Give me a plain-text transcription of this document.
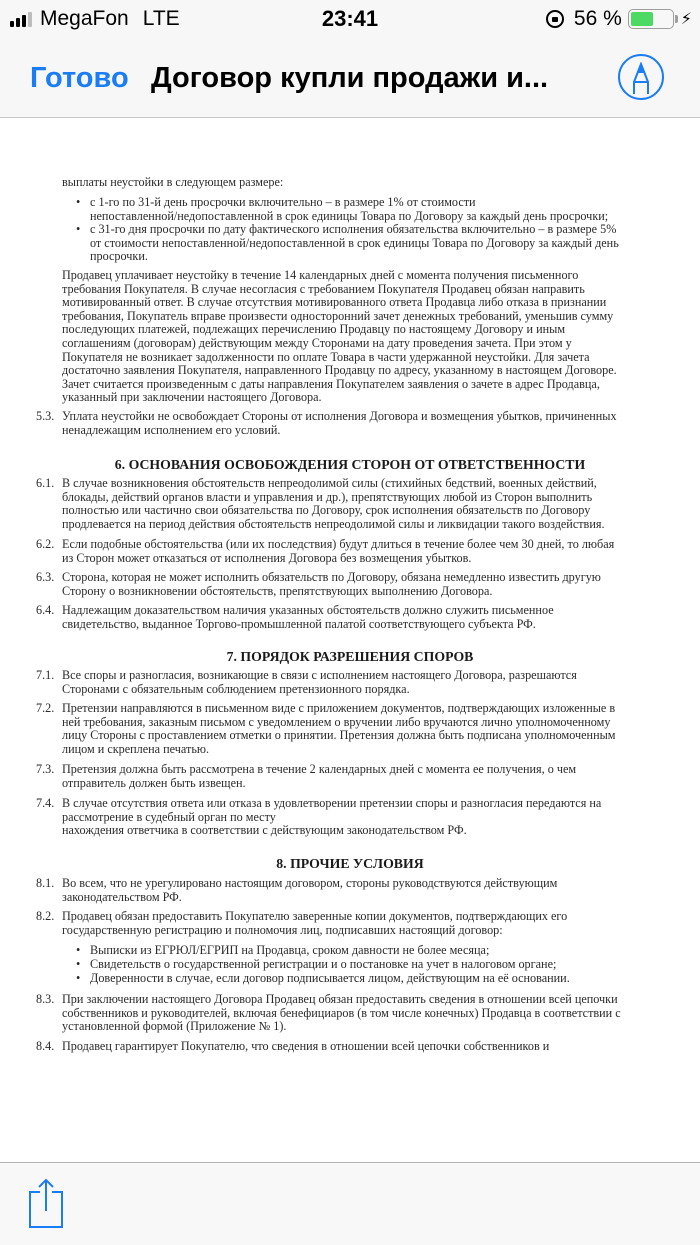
MegaFon LTE	23:41	56 %	⚡︎
Готово Договор купли продажи и...
выплаты неустойки в следующем размере:
• с 1-го по 31-й день просрочки включительно – в размере 1% от стоимости
непоставленной/недопоставленной в срок единицы Товара по Договору за каждый день просрочки;
• с 31-го дня просрочки по дату фактического исполнения обязательства включительно – в размере 5%
от стоимости непоставленной/недопоставленной в срок единицы Товара по Договору за каждый день
просрочки.
Продавец уплачивает неустойку в течение 14 календарных дней с момента получения письменного
требования Покупателя. В случае несогласия с требованием Покупателя Продавец обязан направить
мотивированный ответ. В случае отсутствия мотивированного ответа Продавца либо отказа в признании
требования, Покупатель вправе произвести односторонний зачет денежных требований, уменьшив сумму
последующих платежей, подлежащих перечислению Продавцу по настоящему Договору и иным
соглашениям (договорам) действующим между Сторонами на дату проведения зачета. При этом у
Покупателя не возникает задолженности по оплате Товара в части удержанной неустойки. Для зачета
достаточно заявления Покупателя, направленного Продавцу по адресу, указанному в настоящем Договоре.
Зачет считается произведенным с даты направления Покупателем заявления о зачете в адрес Продавца,
указанный при заключении настоящего Договора.
5.3. Уплата неустойки не освобождает Стороны от исполнения Договора и возмещения убытков, причиненных
ненадлежащим исполнением его условий.
6. ОСНОВАНИЯ ОСВОБОЖДЕНИЯ СТОРОН ОТ ОТВЕТСТВЕННОСТИ
6.1. В случае возникновения обстоятельств непреодолимой силы (стихийных бедствий, военных действий,
блокады, действий органов власти и управления и др.), препятствующих любой из Сторон выполнить
полностью или частично свои обязательства по Договору, срок исполнения обязательств по Договору
продлевается на период действия обстоятельств непреодолимой силы и ликвидации такого воздействия.
6.2. Если подобные обстоятельства (или их последствия) будут длиться в течение более чем 30 дней, то любая
из Сторон может отказаться от исполнения Договора без возмещения убытков.
6.3. Сторона, которая не может исполнить обязательств по Договору, обязана немедленно известить другую
Сторону о возникновении обстоятельств, препятствующих выполнению Договора.
6.4. Надлежащим доказательством наличия указанных обстоятельств должно служить письменное
свидетельство, выданное Торгово-промышленной палатой соответствующего субъекта РФ.
7. ПОРЯДОК РАЗРЕШЕНИЯ СПОРОВ
7.1. Все споры и разногласия, возникающие в связи с исполнением настоящего Договора, разрешаются
Сторонами с обязательным соблюдением претензионного порядка.
7.2. Претензии направляются в письменном виде с приложением документов, подтверждающих изложенные в
ней требования, заказным письмом с уведомлением о вручении либо вручаются лично уполномоченному
лицу Стороны с проставлением отметки о принятии. Претензия должна быть подписана уполномоченным
лицом и скреплена печатью.
7.3. Претензия должна быть рассмотрена в течение 2 календарных дней с момента ее получения, о чем
отправитель должен быть извещен.
7.4. В случае отсутствия ответа или отказа в удовлетворении претензии споры и разногласия передаются на
рассмотрение в судебный орган по месту
нахождения ответчика в соответствии с действующим законодательством РФ.
8. ПРОЧИЕ УСЛОВИЯ
8.1. Во всем, что не урегулировано настоящим договором, стороны руководствуются действующим
законодательством РФ.
8.2. Продавец обязан предоставить Покупателю заверенные копии документов, подтверждающих его
государственную регистрацию и полномочия лиц, подписавших настоящий договор:
• Выписки из ЕГРЮЛ/ЕГРИП на Продавца, сроком давности не более месяца;
• Свидетельств о государственной регистрации и о постановке на учет в налоговом органе;
• Доверенности в случае, если договор подписывается лицом, действующим на её основании.
8.3. При заключении настоящего Договора Продавец обязан предоставить сведения в отношении всей цепочки
собственников и руководителей, включая бенефициаров (в том числе конечных) Продавца в соответствии с
установленной формой (Приложение № 1).
8.4. Продавец гарантирует Покупателю, что сведения в отношении всей цепочки собственников и
